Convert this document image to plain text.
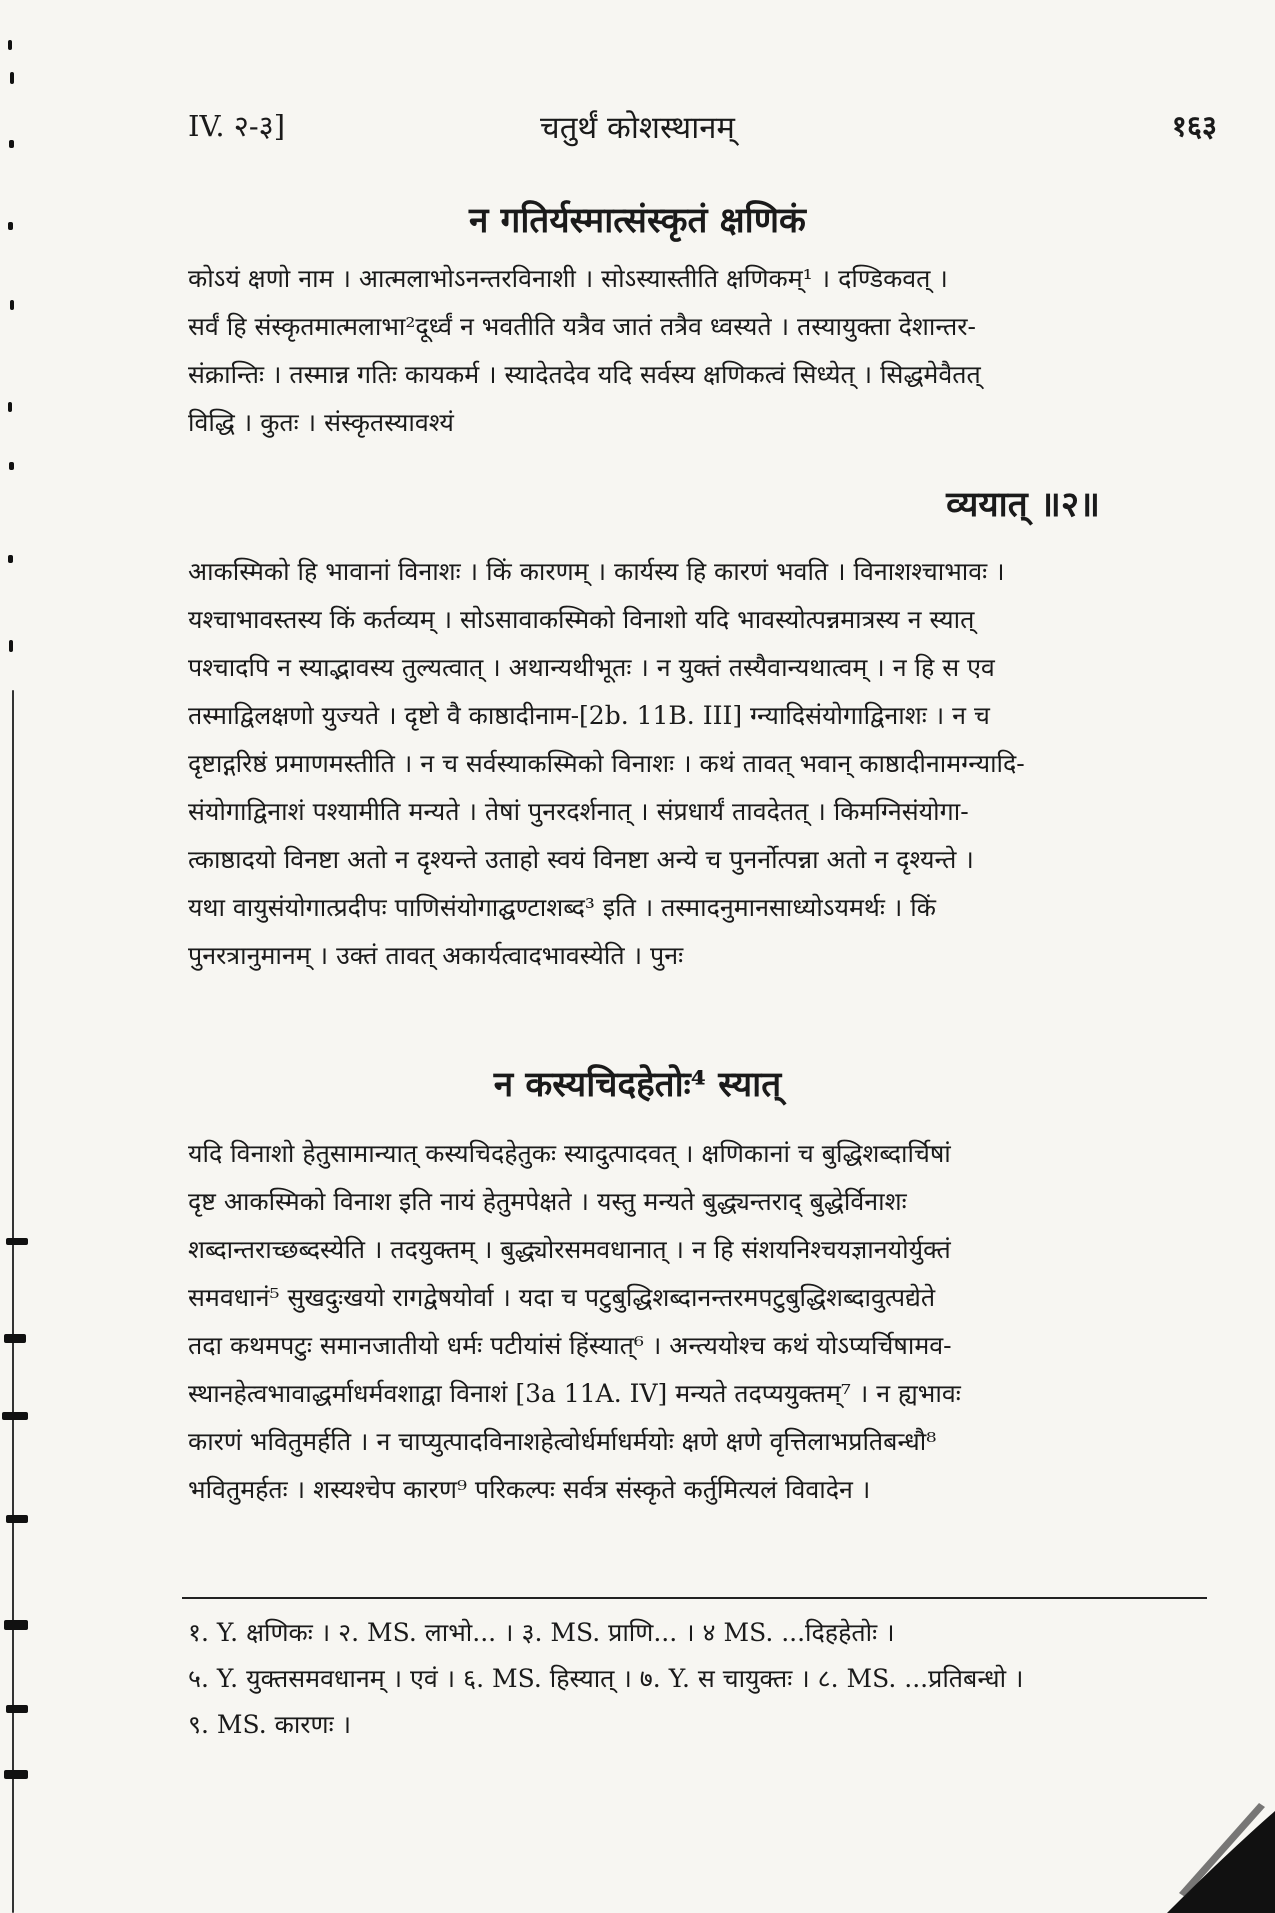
IV. २-३]	चतुर्थं कोशस्थानम्	१६३
न गतिर्यस्मात्संस्कृतं क्षणिकं
कोऽयं क्षणो नाम । आत्मलाभोऽनन्तरविनाशी । सोऽस्यास्तीति क्षणिकम्¹ । दण्डिकवत् ।
सर्वं हि संस्कृतमात्मलाभा²दूर्ध्वं न भवतीति यत्रैव जातं तत्रैव ध्वस्यते । तस्यायुक्ता देशान्तर-
संक्रान्तिः । तस्मान्न गतिः कायकर्म । स्यादेतदेव यदि सर्वस्य क्षणिकत्वं सिध्येत् । सिद्धमेवैतत्
विद्धि । कुतः । संस्कृतस्यावश्यं
व्ययात् ॥२॥
आकस्मिको हि भावानां विनाशः । किं कारणम् । कार्यस्य हि कारणं भवति । विनाशश्चाभावः ।
यश्चाभावस्तस्य किं कर्तव्यम् । सोऽसावाकस्मिको विनाशो यदि भावस्योत्पन्नमात्रस्य न स्यात्
पश्चादपि न स्याद्भावस्य तुल्यत्वात् । अथान्यथीभूतः । न युक्तं तस्यैवान्यथात्वम् । न हि स एव
तस्माद्विलक्षणो युज्यते । दृष्टो वै काष्ठादीनाम-[2b. 11B. III] ग्न्यादिसंयोगाद्विनाशः । न च
दृष्टाद्गरिष्ठं प्रमाणमस्तीति । न च सर्वस्याकस्मिको विनाशः । कथं तावत् भवान् काष्ठादीनामग्न्यादि-
संयोगाद्विनाशं पश्यामीति मन्यते । तेषां पुनरदर्शनात् । संप्रधार्यं तावदेतत् । किमग्निसंयोगा-
त्काष्ठादयो विनष्टा अतो न दृश्यन्ते उताहो स्वयं विनष्टा अन्ये च पुनर्नोत्पन्ना अतो न दृश्यन्ते ।
यथा वायुसंयोगात्प्रदीपः पाणिसंयोगाद्घण्टाशब्द³ इति । तस्मादनुमानसाध्योऽयमर्थः । किं
पुनरत्रानुमानम् । उक्तं तावत् अकार्यत्वादभावस्येति । पुनः
न कस्यचिदहेतोः⁴ स्यात्
यदि विनाशो हेतुसामान्यात् कस्यचिदहेतुकः स्यादुत्पादवत् । क्षणिकानां च बुद्धिशब्दार्चिषां
दृष्ट आकस्मिको विनाश इति नायं हेतुमपेक्षते । यस्तु मन्यते बुद्ध्यन्तराद् बुद्धेर्विनाशः
शब्दान्तराच्छब्दस्येति । तदयुक्तम् । बुद्ध्योरसमवधानात् । न हि संशयनिश्चयज्ञानयोर्युक्तं
समवधानं⁵ सुखदुःखयो रागद्वेषयोर्वा । यदा च पटुबुद्धिशब्दानन्तरमपटुबुद्धिशब्दावुत्पद्येते
तदा कथमपटुः समानजातीयो धर्मः पटीयांसं हिंस्यात्⁶ । अन्त्ययोश्च कथं योऽप्यर्चिषामव-
स्थानहेत्वभावाद्धर्माधर्मवशाद्वा विनाशं [3a 11A. IV] मन्यते तदप्ययुक्तम्⁷ । न ह्यभावः
कारणं भवितुमर्हति । न चाप्युत्पादविनाशहेत्वोर्धर्माधर्मयोः क्षणे क्षणे वृत्तिलाभप्रतिबन्धौ⁸
भवितुमर्हतः । शस्यश्चेप कारण⁹ परिकल्पः सर्वत्र संस्कृते कर्तुमित्यलं विवादेन ।
१. Y. क्षणिकः । २. MS. लाभो... । ३. MS. प्राणि... । ४ MS. ...दिहहेतोः ।
५. Y. युक्तसमवधानम् । एवं । ६. MS. हिस्यात् । ७. Y. स चायुक्तः । ८. MS. ...प्रतिबन्धो ।
९. MS. कारणः ।
